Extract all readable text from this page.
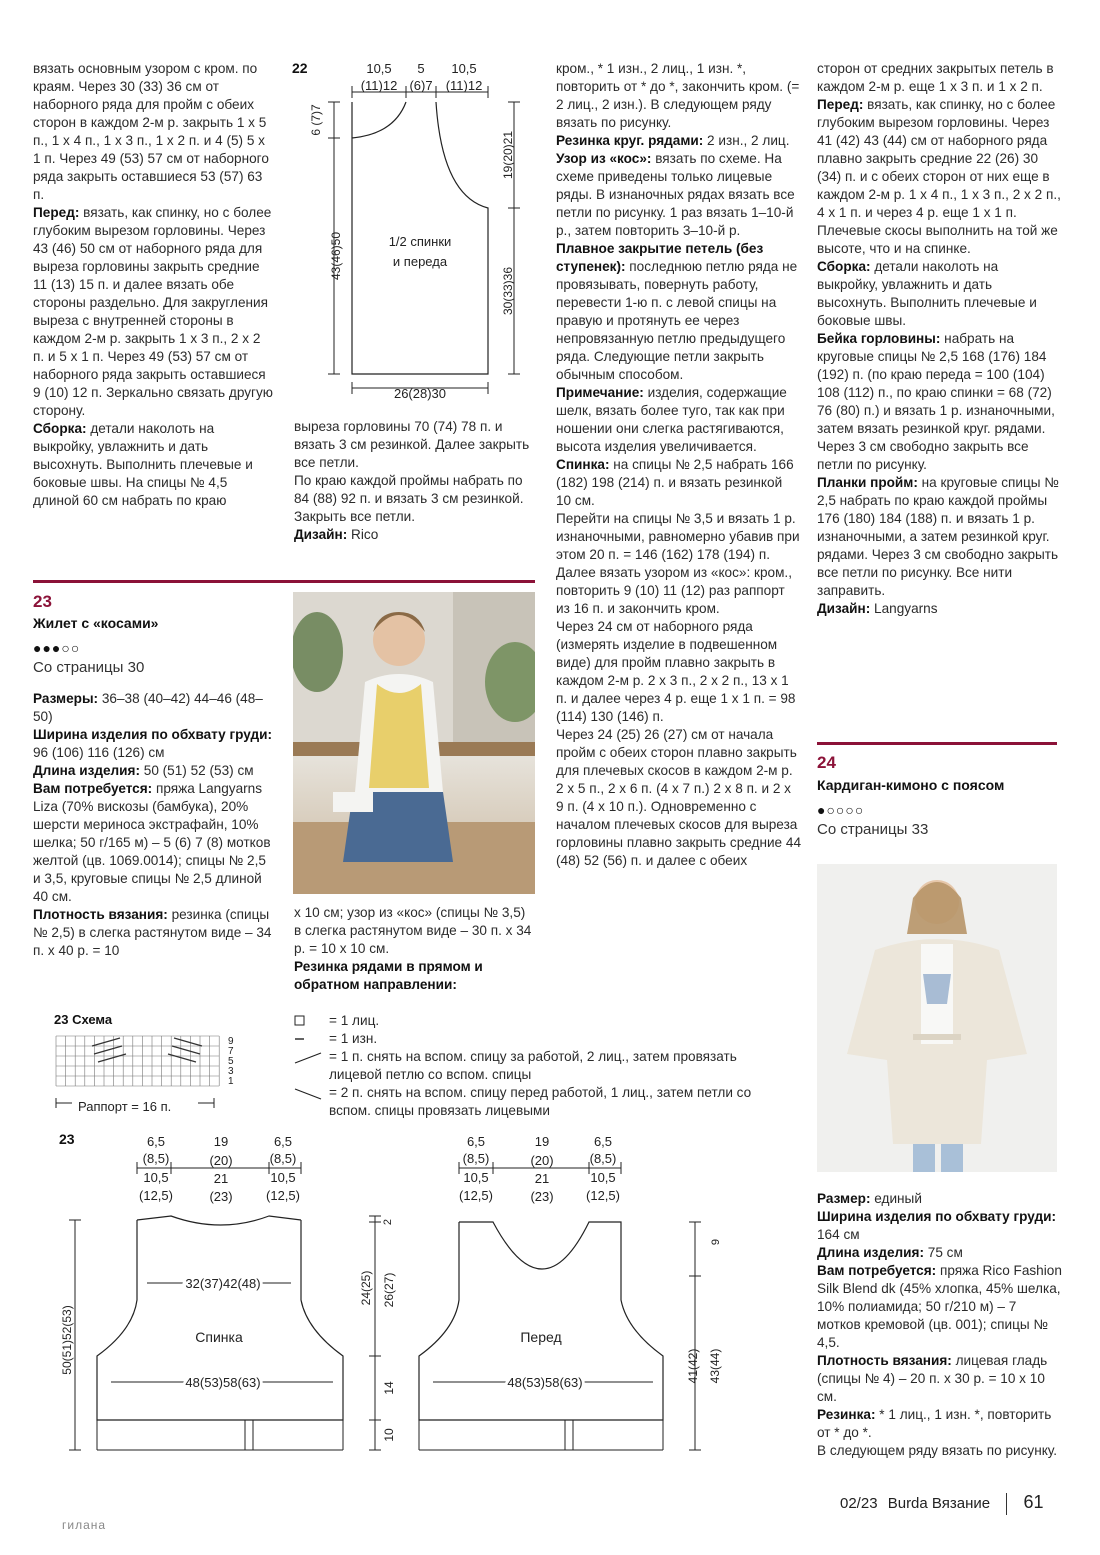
вязать основным узором с кром. по краям. Через 30 (33) 36 см от наборного ряда для пройм с обеих сторон в каждом 2-м р. закрыть 1 х 5 п., 1 х 4 п., 1 х 3 п., 1 х 2 п. и 4 (5) 5 х 1 п. Через 49 (53) 57 см от наборного ряда закрыть оставшиеся 53 (57) 63 п.

Перед: вязать, как спинку, но с более глубоким вырезом горловины. Через 43 (46) 50 см от наборного ряда для выреза горловины закрыть средние 11 (13) 15 п. и далее вязать обе стороны раздельно. Для закругления выреза с внутренней стороны в каждом 2-м р. закрыть 1 х 3 п., 2 х 2 п. и 5 х 1 п. Через 49 (53) 57 см от наборного ряда закрыть оставшиеся 9 (10) 12 п. Зеркально связать другую сторону.

Сборка: детали наколоть на выкройку, увлажнить и дать высохнуть. Выполнить плечевые и боковые швы. На спицы № 4,5 длиной 60 см набрать по краю

22	10,5
(11)12
5
(6)7
10,5
(11)12
6 (7)7
43(46)50
19(20)21
30(33)36
1/2 спинки
и переда
26(28)30

выреза горловины 70 (74) 78 п. и вязать 3 см резинкой. Далее закрыть все петли.

По краю каждой проймы набрать по 84 (88) 92 п. и вязать 3 см резинкой. Закрыть все петли.

Дизайн: Rico

кром., * 1 изн., 2 лиц., 1 изн. *, повторить от * до *, закончить кром. (= 2 лиц., 2 изн.). В следующем ряду вязать по рисунку.

Резинка круг. рядами: 2 изн., 2 лиц.

Узор из «кос»: вязать по схеме. На схеме приведены только лицевые ряды. В изнаночных рядах вязать все петли по рисунку. 1 раз вязать 1–10-й р., затем повторить 3–10-й р.

Плавное закрытие петель (без ступенек): последнюю петлю ряда не провязывать, повернуть работу, перевести 1-ю п. с левой спицы на правую и протянуть ее через непровязанную петлю предыдущего ряда. Следующие петли закрыть обычным способом.

Примечание: изделия, содержащие шелк, вязать более туго, так как при ношении они слегка растягиваются, высота изделия увеличивается.

Спинка: на спицы № 2,5 набрать 166 (182) 198 (214) п. и вязать резинкой 10 см.

Перейти на спицы № 3,5 и вязать 1 р. изнаночными, равномерно убавив при этом 20 п. = 146 (162) 178 (194) п. Далее вязать узором из «кос»: кром., повторить 9 (10) 11 (12) раз раппорт из 16 п. и закончить кром.

Через 24 см от наборного ряда (измерять изделие в подвешенном виде) для пройм плавно закрыть в каждом 2-м р. 2 х 3 п., 2 х 2 п., 13 х 1 п. и далее через 4 р. еще 1 х 1 п. = 98 (114) 130 (146) п.

Через 24 (25) 26 (27) см от начала пройм с обеих сторон плавно закрыть для плечевых скосов в каждом 2-м р. 2 х 5 п., 2 х 6 п. (4 х 7 п.) 2 х 8 п. и 2 х 9 п. (4 х 10 п.). Одновременно с началом плечевых скосов для выреза горловины плавно закрыть средние 44 (48) 52 (56) п. и далее с обеих

сторон от средних закрытых петель в каждом 2-м р. еще 1 х 3 п. и 1 х 2 п.

Перед: вязать, как спинку, но с более глубоким вырезом горловины. Через 41 (42) 43 (44) см от наборного ряда плавно закрыть средние 22 (26) 30 (34) п. и с обеих сторон от них еще в каждом 2-м р. 1 х 4 п., 1 х 3 п., 2 х 2 п., 4 х 1 п. и через 4 р. еще 1 х 1 п. Плечевые скосы выполнить на той же высоте, что и на спинке.

Сборка: детали наколоть на выкройку, увлажнить и дать высохнуть. Выполнить плечевые и боковые швы.

Бейка горловины: набрать на круговые спицы № 2,5 168 (176) 184 (192) п. (по краю переда = 100 (104) 108 (112) п., по краю спинки = 68 (72) 76 (80) п.) и вязать 1 р. изнаночными, затем вязать резинкой круг. рядами. Через 3 см свободно закрыть все петли по рисунку.

Планки пройм: на круговые спицы № 2,5 набрать по краю каждой проймы 176 (180) 184 (188) п. и вязать 1 р. изнаночными, а затем резинкой круг. рядами. Через 3 см свободно закрыть все петли по рисунку. Все нити заправить.

Дизайн: Langyarns

23
Жилет с «косами»
●●●○○
Со страницы 30

Размеры: 36–38 (40–42) 44–46 (48–50)

Ширина изделия по обхвату груди: 96 (106) 116 (126) см

Длина изделия: 50 (51) 52 (53) см

Вам потребуется: пряжа Langyarns Liza (70% вискозы (бамбука), 20% шерсти мериноса экстрафайн, 10% шелка; 50 г/165 м) – 5 (6) 7 (8) мотков желтой (цв. 1069.0014); спицы № 2,5 и 3,5, круговые спицы № 2,5 длиной 40 см.

Плотность вязания: резинка (спицы № 2,5) в слегка растянутом виде – 34 п. х 40 р. = 10

х 10 см; узор из «кос» (спицы № 3,5) в слегка растянутом виде – 30 п. х 34 р. = 10 х 10 см.

Резинка рядами в прямом и обратном направлении:

24
Кардиган-кимоно с поясом
●○○○○
Со страницы 33

Размер: единый

Ширина изделия по обхвату груди: 164 см

Длина изделия: 75 см

Вам потребуется: пряжа Rico Fashion Silk Blend dk (45% хлопка, 45% шелка, 10% полиамида; 50 г/210 м) – 7 мотков кремовой (цв. 001); спицы № 4,5.

Плотность вязания: лицевая гладь (спицы № 4) – 20 п. х 30 р. = 10 х 10 см.

Резинка: * 1 лиц., 1 изн. *, повторить от * до *.

В следующем ряду вязать по рисунку.

23 Схема
9
7
5
3
1
Раппорт = 16 п.
= 1 лиц.
= 1 изн.
= 1 п. снять на вспом. спицу за работой, 2 лиц., затем провязать лицевой петлю со вспом. спицы
= 2 п. снять на вспом. спицу перед работой, 1 лиц., затем петли со вспом. спицы провязать лицевыми
23	6,5
(8,5)
10,5
(12,5)
19
(20)
21
(23)
6,5
(8,5)
10,5
(12,5)
32(37)42(48)
Спинка
48(53)58(63)
50(51)52(53)
2
24(25) 26(27)
14
10
6,5
(8,5)
10,5
(12,5)
19
(20)
21
(23)
6,5
(8,5)
10,5
(12,5)
Перед
48(53)58(63)
9
41(42) 43(44)
02/23 Burda Вязание 61
гилана
